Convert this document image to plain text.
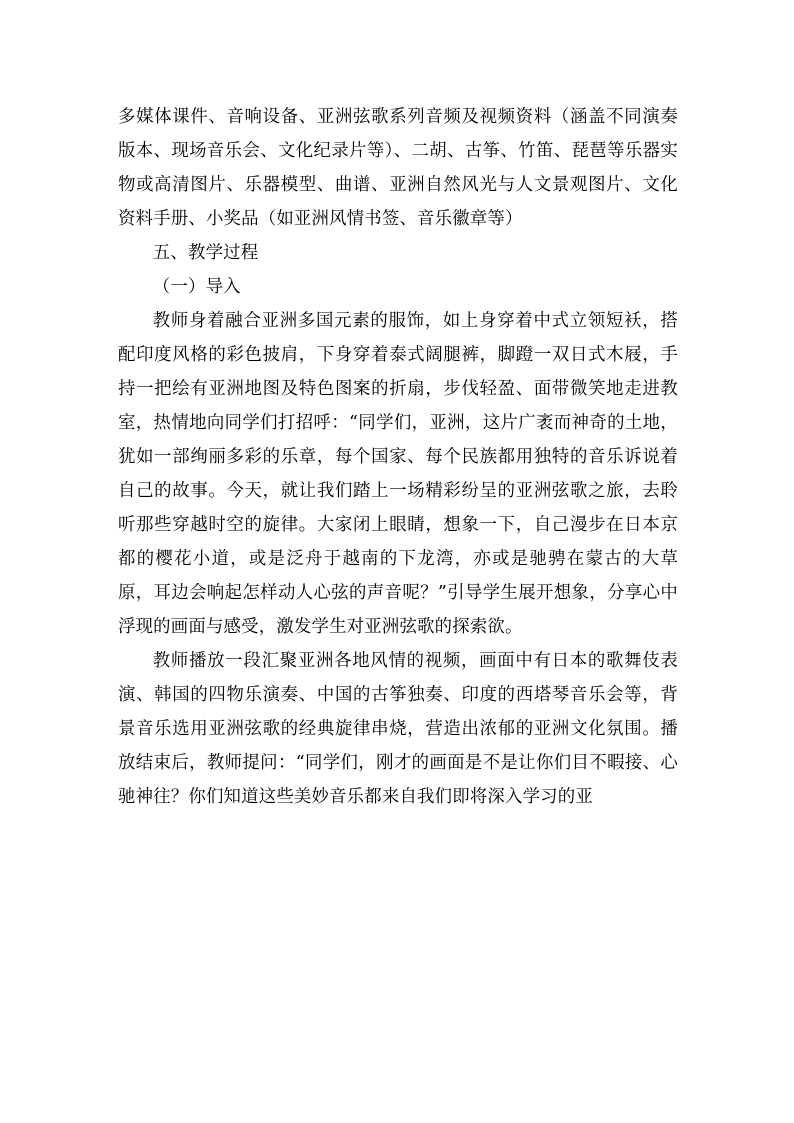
多媒体课件、音响设备、亚洲弦歌系列音频及视频资料（涵盖不同演奏版本、现场音乐会、文化纪录片等）、二胡、古筝、竹笛、琵琶等乐器实物或高清图片、乐器模型、曲谱、亚洲自然风光与人文景观图片、文化资料手册、小奖品（如亚洲风情书签、音乐徽章等）

五、教学过程

（一）导入

教师身着融合亚洲多国元素的服饰，如上身穿着中式立领短袄，搭配印度风格的彩色披肩，下身穿着泰式阔腿裤，脚蹬一双日式木屐，手持一把绘有亚洲地图及特色图案的折扇，步伐轻盈、面带微笑地走进教室，热情地向同学们打招呼：“同学们，亚洲，这片广袤而神奇的土地，犹如一部绚丽多彩的乐章，每个国家、每个民族都用独特的音乐诉说着自己的故事。今天，就让我们踏上一场精彩纷呈的亚洲弦歌之旅，去聆听那些穿越时空的旋律。大家闭上眼睛，想象一下，自己漫步在日本京都的樱花小道，或是泛舟于越南的下龙湾，亦或是驰骋在蒙古的大草原，耳边会响起怎样动人心弦的声音呢？”引导学生展开想象，分享心中浮现的画面与感受，激发学生对亚洲弦歌的探索欲。

教师播放一段汇聚亚洲各地风情的视频，画面中有日本的歌舞伎表演、韩国的四物乐演奏、中国的古筝独奏、印度的西塔琴音乐会等，背景音乐选用亚洲弦歌的经典旋律串烧，营造出浓郁的亚洲文化氛围。播放结束后，教师提问：“同学们，刚才的画面是不是让你们目不暇接、心驰神往？你们知道这些美妙音乐都来自我们即将深入学习的亚
